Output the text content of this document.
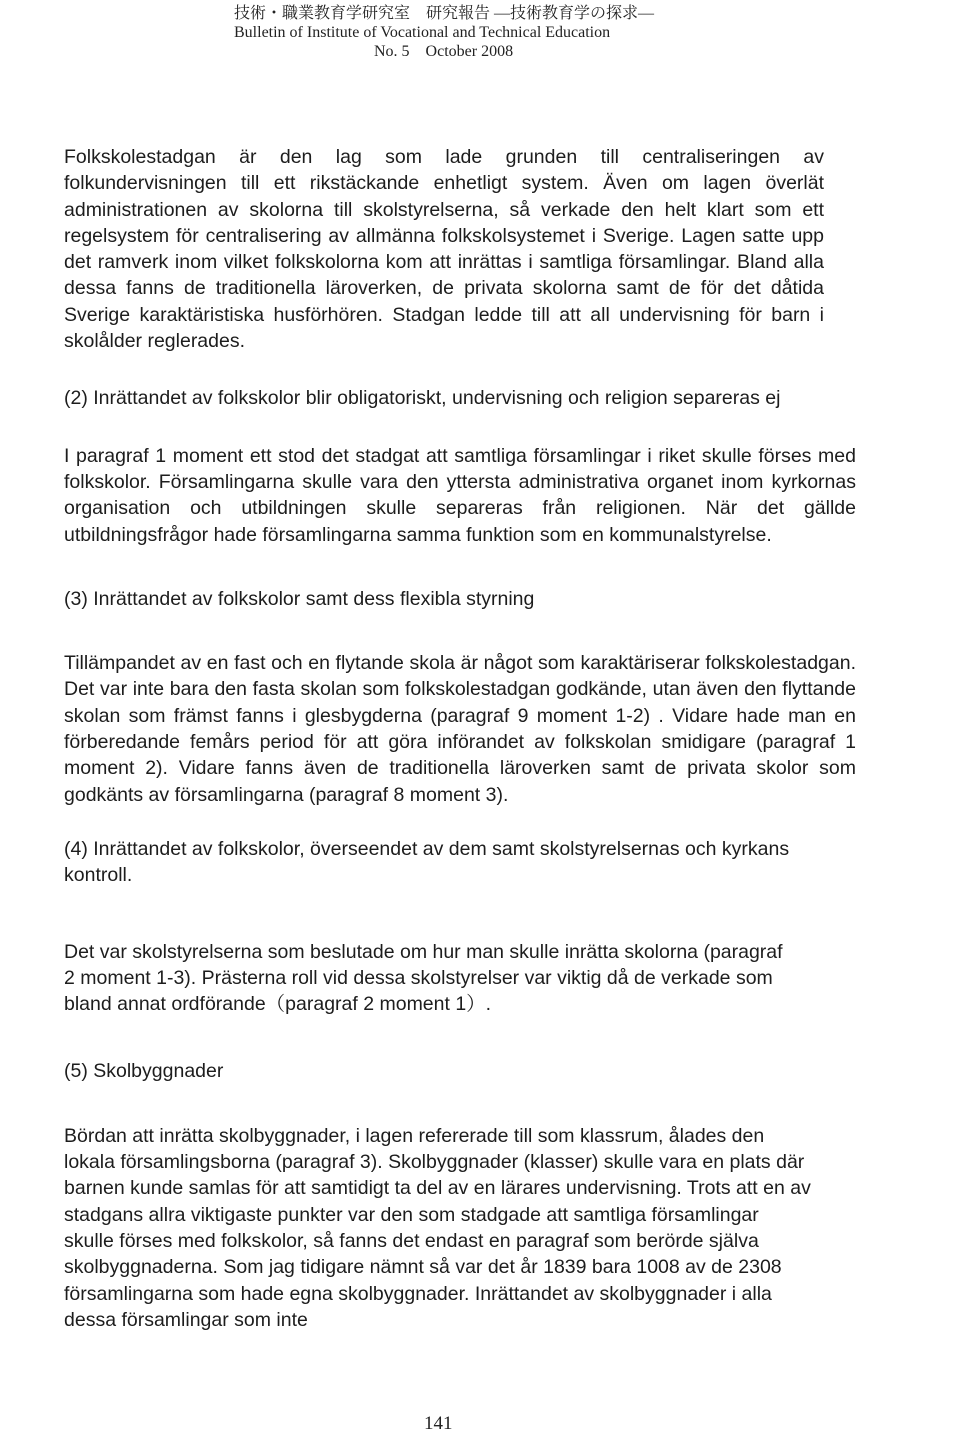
技術・職業教育学研究室　研究報告 ―技術教育学の探求―
Bulletin of Institute of Vocational and Technical Education
No. 5　October 2008

Folkskolestadgan är den lag som lade grunden till centraliseringen av folkundervisningen till ett rikstäckande enhetligt system. Även om lagen överlät administrationen av skolorna till skolstyrelserna, så verkade den helt klart som ett regelsystem för centralisering av allmänna folkskolsystemet i Sverige. Lagen satte upp det ramverk inom vilket folkskolorna kom att inrättas i samtliga församlingar. Bland alla dessa fanns de traditionella läroverken, de privata skolorna samt de för det dåtida Sverige karaktäristiska husförhören. Stadgan ledde till att all undervisning för barn i skolålder reglerades.

(2) Inrättandet av folkskolor blir obligatoriskt, undervisning och religion separeras ej

I paragraf 1 moment ett stod det stadgat att samtliga församlingar i riket skulle förses med folkskolor. Församlingarna skulle vara den yttersta administrativa organet inom kyrkornas organisation och utbildningen skulle separeras från religionen. När det gällde utbildningsfrågor hade församlingarna samma funktion som en kommunalstyrelse.

(3) Inrättandet av folkskolor samt dess flexibla styrning

Tillämpandet av en fast och en flytande skola är något som karaktäriserar folkskolestadgan. Det var inte bara den fasta skolan som folkskolestadgan godkände, utan även den flyttande skolan som främst fanns i glesbygderna (paragraf 9 moment 1-2) . Vidare hade man en förberedande femårs period för att göra införandet av folkskolan smidigare (paragraf 1 moment 2). Vidare fanns även de traditionella läroverken samt de privata skolor som godkänts av församlingarna (paragraf 8 moment 3).

(4) Inrättandet av folkskolor, överseendet av dem samt skolstyrelsernas och kyrkans kontroll.

Det var skolstyrelserna som beslutade om hur man skulle inrätta skolorna (paragraf 2 moment 1-3). Prästerna roll vid dessa skolstyrelser var viktig då de verkade som bland annat ordförande（paragraf 2 moment 1）.

(5) Skolbyggnader

Bördan att inrätta skolbyggnader, i lagen refererade till som klassrum, ålades den lokala församlingsborna (paragraf 3). Skolbyggnader (klasser) skulle vara en plats där barnen kunde samlas för att samtidigt ta del av en lärares undervisning. Trots att en av stadgans allra viktigaste punkter var den som stadgade att samtliga församlingar skulle förses med folkskolor, så fanns det endast en paragraf som berörde själva skolbyggnaderna. Som jag tidigare nämnt så var det år 1839 bara 1008 av de 2308 församlingarna som hade egna skolbyggnader. Inrättandet av skolbyggnader i alla dessa församlingar som inte

141
